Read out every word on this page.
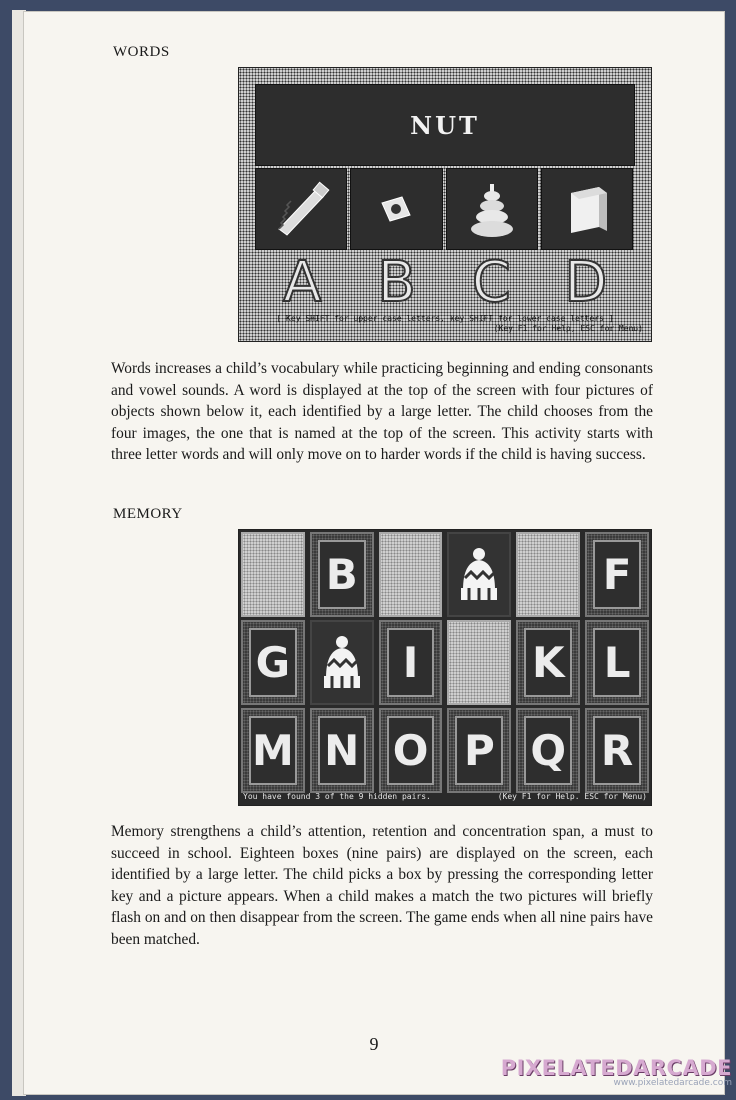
WORDS
NUT
A	B C D
[ Key SHIFT for upper case letters, key SHIFT for lower case letters ]
(Key F1 for Help, ESC for Menu)
Words increases a child’s vocabulary while practicing beginning and ending consonants and vowel sounds. A word is displayed at the top of the screen with four pictures of objects shown below it, each identified by a large letter. The child chooses from the four images, the one that is named at the top of the screen. This activity starts with three letter words and will only move on to harder words if the child is having success.
MEMORY
B	F
G	I	K L
M N O P Q R
You have found 3 of the 9 hidden pairs.	(Key F1 for Help. ESC for Menu)
Memory strengthens a child’s attention, retention and concentration span, a must to succeed in school. Eighteen boxes (nine pairs) are displayed on the screen, each identified by a large letter. The child picks a box by pressing the corresponding letter key and a picture appears. When a child makes a match the two pictures will briefly flash on and on then disappear from the screen. The game ends when all nine pairs have been matched.
9
PIXELATEDARCADE
www.pixelatedarcade.com
